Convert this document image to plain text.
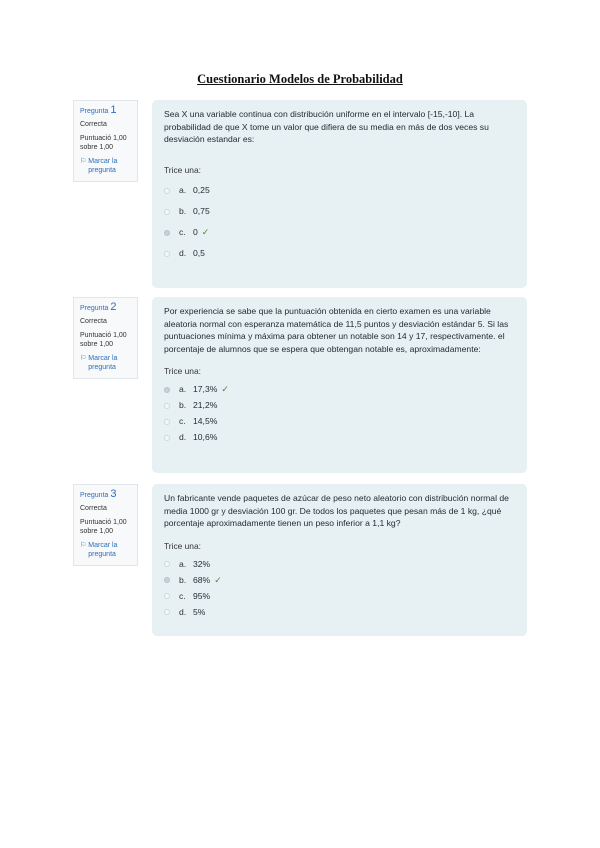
Cuestionario Modelos de Probabilidad
Pregunta 1
Correcta
Puntuació 1,00 sobre 1,00
⚐ Marcar la pregunta
Sea X una variable continua con distribución uniforme en el intervalo [-15,-10]. La probabilidad de que X tome un valor que difiera de su media en más de dos veces su desviación estandar es:
Trice una:
a. 0,25
b. 0,75
c. 0 ✓
d. 0,5
Pregunta 2
Correcta
Puntuació 1,00 sobre 1,00
⚐ Marcar la pregunta
Por experiencia se sabe que la puntuación obtenida en cierto examen es una variable aleatoria normal con esperanza matemática de 11,5 puntos y desviación estándar 5. Si las puntuaciones mínima y máxima para obtener un notable son 14 y 17, respectivamente. el porcentaje de alumnos que se espera que obtengan notable es, aproximadamente:
Trice una:
a. 17,3% ✓
b. 21,2%
c. 14,5%
d. 10,6%
Pregunta 3
Correcta
Puntuació 1,00 sobre 1,00
⚐ Marcar la pregunta
Un fabricante vende paquetes de azúcar de peso neto aleatorio con distribución normal de media 1000 gr y desviación 100 gr. De todos los paquetes que pesan más de 1 kg, ¿qué porcentaje aproximadamente tienen un peso inferior a 1,1 kg?
Trice una:
a. 32%
b. 68% ✓
c. 95%
d. 5%
